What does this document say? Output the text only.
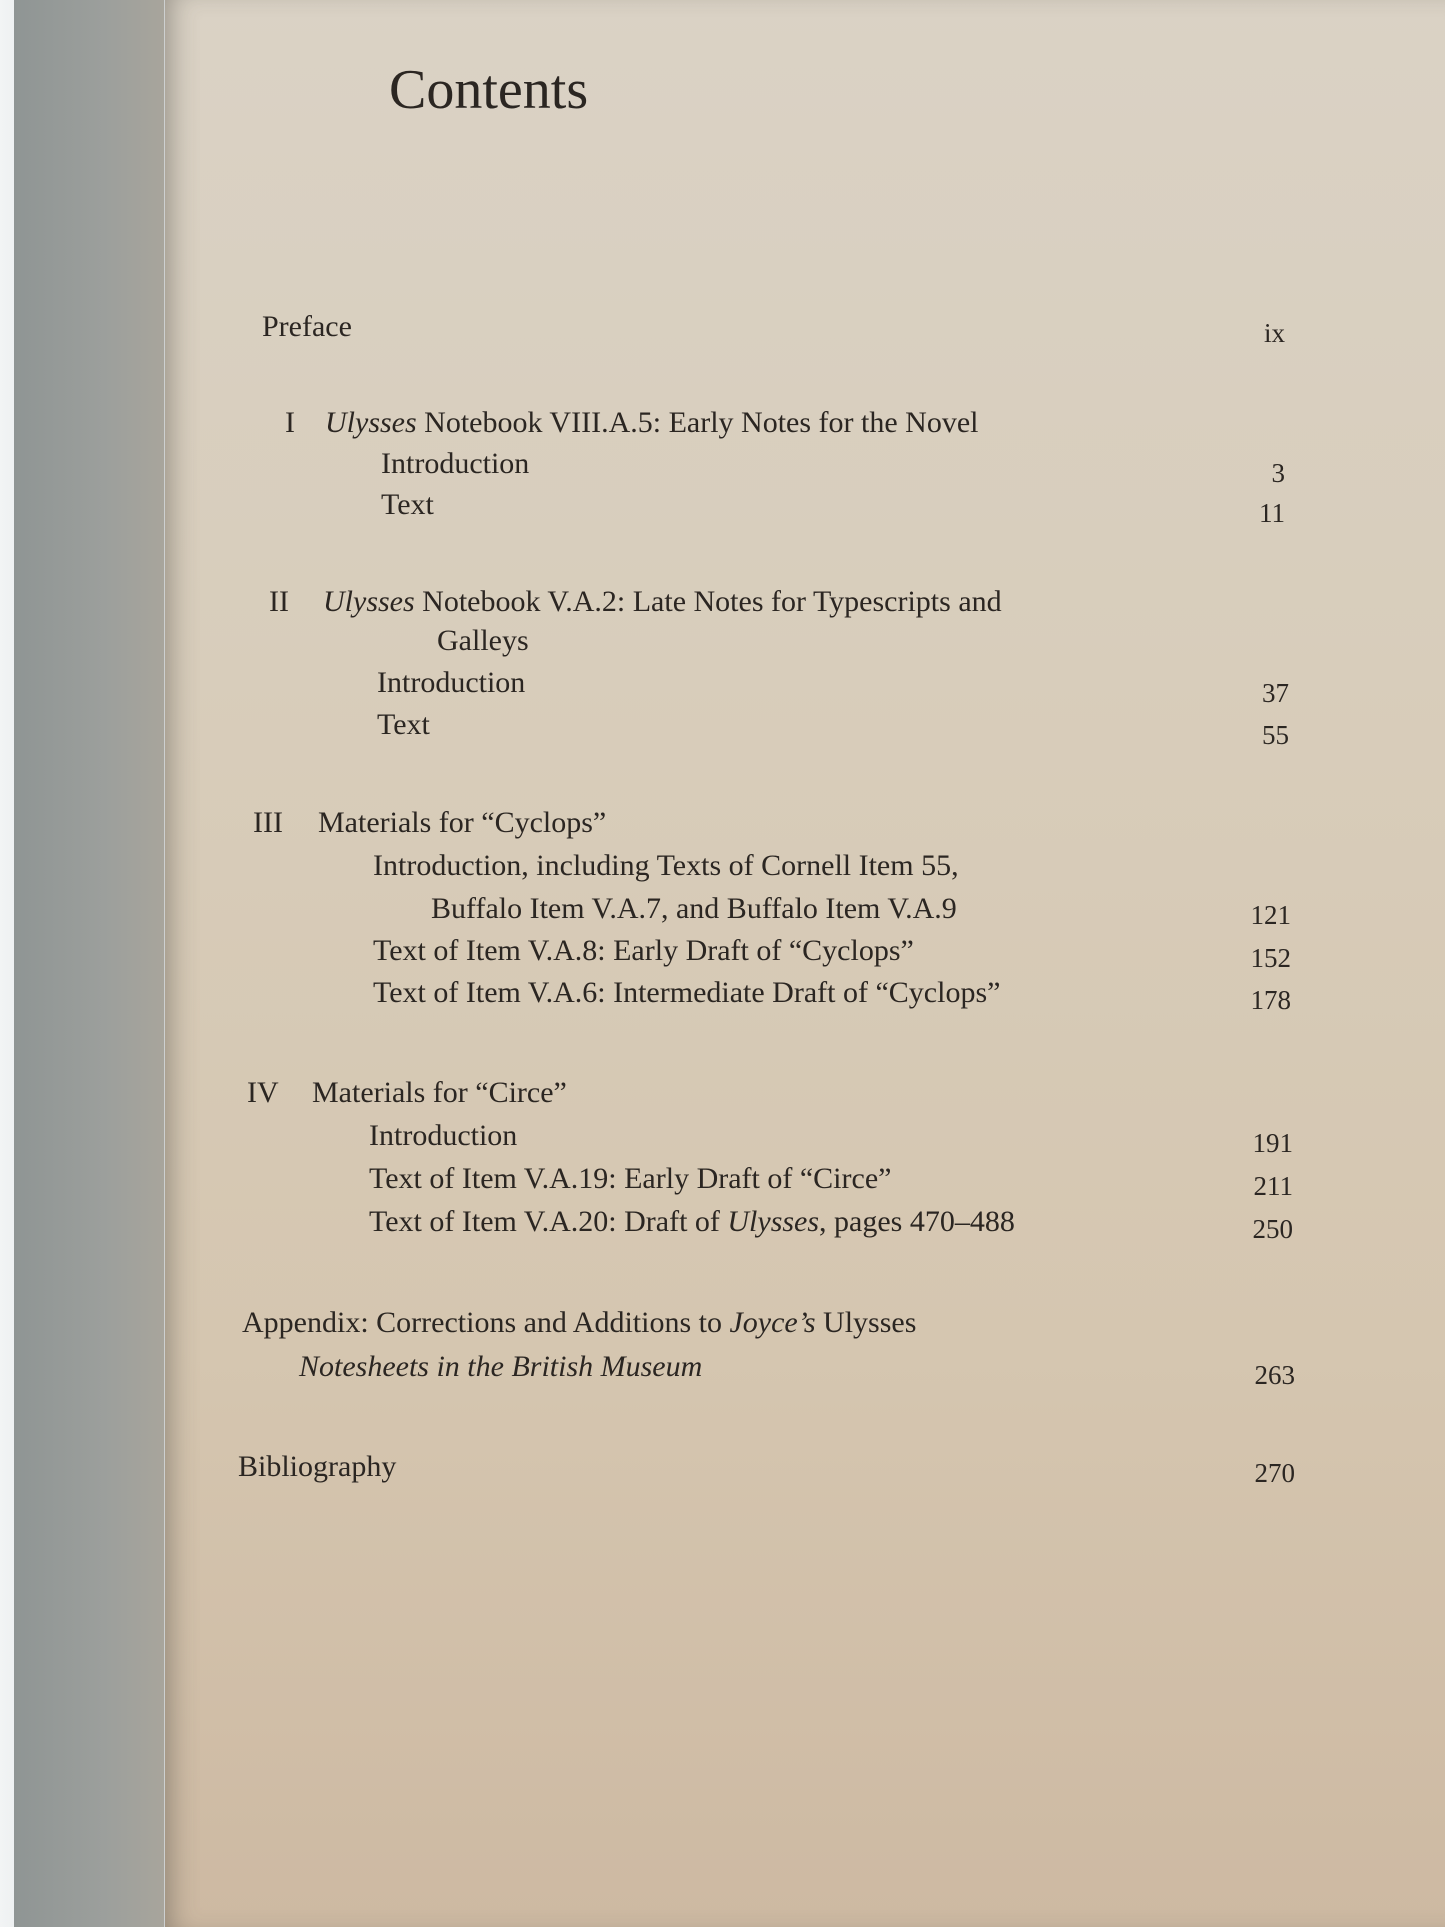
Contents
Preface	ix
I Ulysses Notebook VIII.A.5: Early Notes for the Novel
Introduction	3
Text	11
II Ulysses Notebook V.A.2: Late Notes for Typescripts and
Galleys
Introduction	37
Text	55
III Materials for “Cyclops”
Introduction, including Texts of Cornell Item 55,
Buffalo Item V.A.7, and Buffalo Item V.A.9	121
Text of Item V.A.8: Early Draft of “Cyclops”	152
Text of Item V.A.6: Intermediate Draft of “Cyclops”	178
IV Materials for “Circe”
Introduction	191
Text of Item V.A.19: Early Draft of “Circe”	211
Text of Item V.A.20: Draft of Ulysses, pages 470–488	250
Appendix: Corrections and Additions to Joyce’s Ulysses
Notesheets in the British Museum	263
Bibliography	270
